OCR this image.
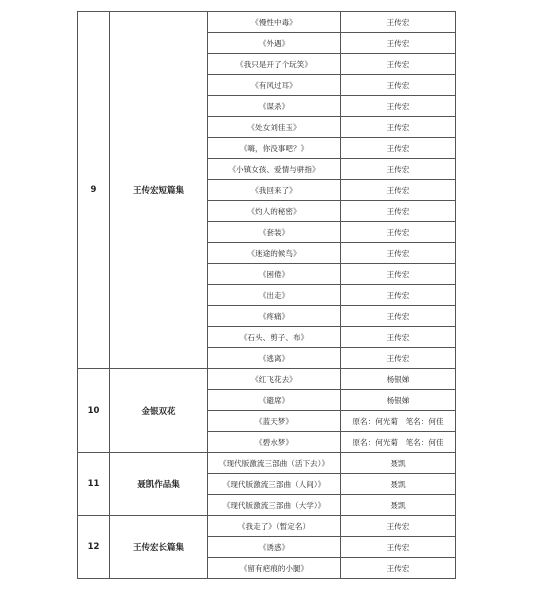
9	王传宏短篇集	《慢性中毒》	王传宏
		《外遇》	王传宏
		《我只是开了个玩笑》	王传宏
		《有风过耳》	王传宏
		《谋杀》	王传宏
		《处女刘佳玉》	王传宏
		《嗨，你没事吧？》	王传宏
		《小镇女孩、爱情与骈指》	王传宏
		《我回来了》	王传宏
		《灼人的秘密》	王传宏
		《套装》	王传宏
		《迷途的候鸟》	王传宏
		《困倦》	王传宏
		《出走》	王传宏
		《疼痛》	王传宏
		《石头、剪子、布》	王传宏
		《逃离》	王传宏
10	金银双花	《红飞花去》	杨银娣
		《避席》	杨银娣
		《蓝天梦》	原名：何光菊　笔名：何佳
		《碧水梦》	原名：何光菊　笔名：何佳
11	聂凯作品集	《现代版激流三部曲（活下去）》	聂凯
		《现代版激流三部曲（人间）》	聂凯
		《现代版激流三部曲（大学）》	聂凯
12	王传宏长篇集	《我走了》（暂定名）	王传宏
		《诱惑》	王传宏
		《留有疤痕的小腿》	王传宏
